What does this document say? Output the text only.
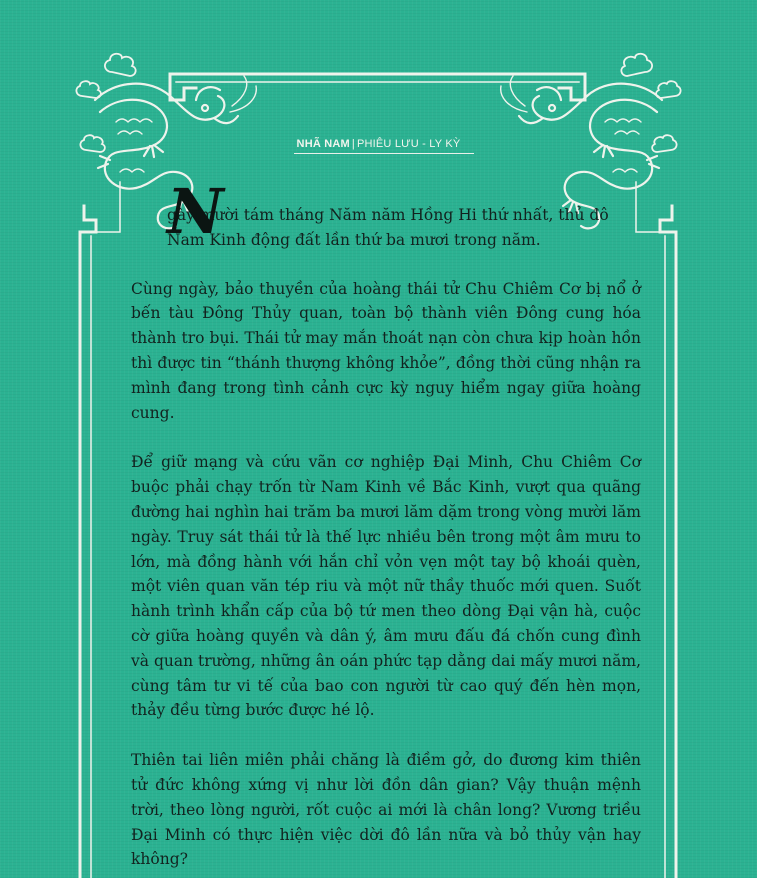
NHÃ NAM | PHIÊU LƯU - LY KỲ

N
gày mười tám tháng Năm năm Hồng Hi thứ nhất, thủ đô Nam Kinh động đất lần thứ ba mươi trong năm.

Cùng ngày, bảo thuyền của hoàng thái tử Chu Chiêm Cơ bị nổ ở bến tàu Đông Thủy quan, toàn bộ thành viên Đông cung hóa thành tro bụi. Thái tử may mắn thoát nạn còn chưa kịp hoàn hồn thì được tin “thánh thượng không khỏe”, đồng thời cũng nhận ra mình đang trong tình cảnh cực kỳ nguy hiểm ngay giữa hoàng cung.

Để giữ mạng và cứu vãn cơ nghiệp Đại Minh, Chu Chiêm Cơ buộc phải chạy trốn từ Nam Kinh về Bắc Kinh, vượt qua quãng đường hai nghìn hai trăm ba mươi lăm dặm trong vòng mười lăm ngày. Truy sát thái tử là thế lực nhiều bên trong một âm mưu to lớn, mà đồng hành với hắn chỉ vỏn vẹn một tay bộ khoái quèn, một viên quan văn tép riu và một nữ thầy thuốc mới quen. Suốt hành trình khẩn cấp của bộ tứ men theo dòng Đại vận hà, cuộc cờ giữa hoàng quyền và dân ý, âm mưu đấu đá chốn cung đình và quan trường, những ân oán phức tạp dằng dai mấy mươi năm, cùng tâm tư vi tế của bao con người từ cao quý đến hèn mọn, thảy đều từng bước được hé lộ.

Thiên tai liên miên phải chăng là điềm gở, do đương kim thiên tử đức không xứng vị như lời đồn dân gian? Vậy thuận mệnh trời, theo lòng người, rốt cuộc ai mới là chân long? Vương triều Đại Minh có thực hiện việc dời đô lần nữa và bỏ thủy vận hay không?
